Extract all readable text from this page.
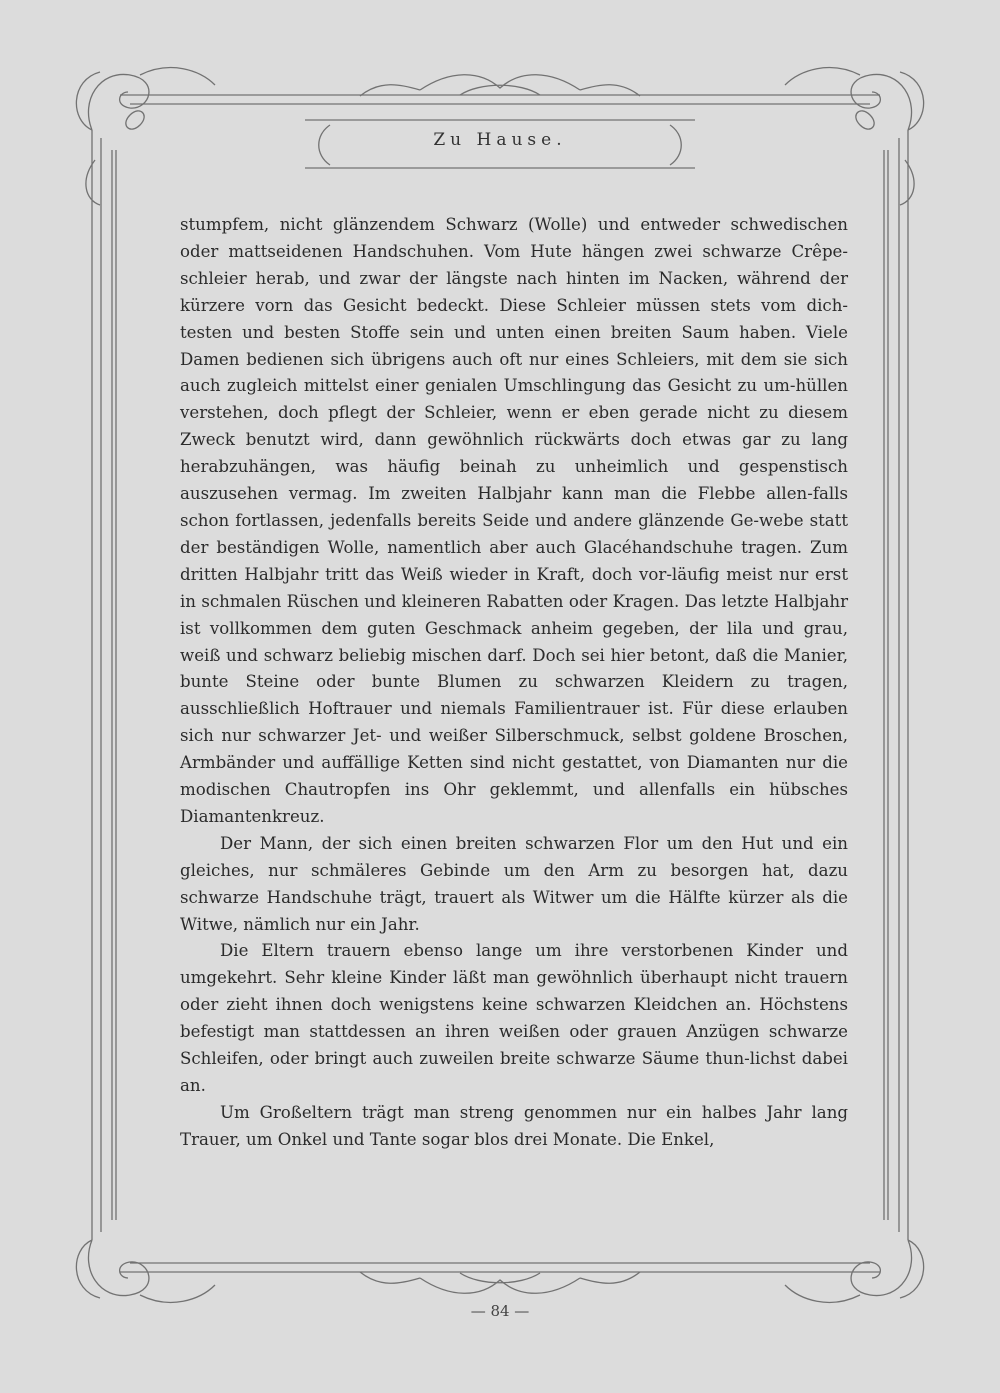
Zu Hause.

stumpfem, nicht glänzendem Schwarz (Wolle) und entweder schwedischen oder mattseidenen Handschuhen. Vom Hute hängen zwei schwarze Crêpe-schleier herab, und zwar der längste nach hinten im Nacken, während der kürzere vorn das Gesicht bedeckt. Diese Schleier müssen stets vom dich-testen und besten Stoffe sein und unten einen breiten Saum haben. Viele Damen bedienen sich übrigens auch oft nur eines Schleiers, mit dem sie sich auch zugleich mittelst einer genialen Umschlingung das Gesicht zu um-hüllen verstehen, doch pflegt der Schleier, wenn er eben gerade nicht zu diesem Zweck benutzt wird, dann gewöhnlich rückwärts doch etwas gar zu lang herabzuhängen, was häufig beinah zu unheimlich und gespenstisch auszusehen vermag. Im zweiten Halbjahr kann man die Flebbe allen-falls schon fortlassen, jedenfalls bereits Seide und andere glänzende Ge-webe statt der beständigen Wolle, namentlich aber auch Glacéhandschuhe tragen. Zum dritten Halbjahr tritt das Weiß wieder in Kraft, doch vor-läufig meist nur erst in schmalen Rüschen und kleineren Rabatten oder Kragen. Das letzte Halbjahr ist vollkommen dem guten Geschmack anheim gegeben, der lila und grau, weiß und schwarz beliebig mischen darf. Doch sei hier betont, daß die Manier, bunte Steine oder bunte Blumen zu schwarzen Kleidern zu tragen, ausschließlich Hoftrauer und niemals Familientrauer ist. Für diese erlauben sich nur schwarzer Jet- und weißer Silberschmuck, selbst goldene Broschen, Armbänder und auffällige Ketten sind nicht gestattet, von Diamanten nur die modischen Chautropfen ins Ohr geklemmt, und allenfalls ein hübsches Diamantenkreuz.

Der Mann, der sich einen breiten schwarzen Flor um den Hut und ein gleiches, nur schmäleres Gebinde um den Arm zu besorgen hat, dazu schwarze Handschuhe trägt, trauert als Witwer um die Hälfte kürzer als die Witwe, nämlich nur ein Jahr.

Die Eltern trauern ebenso lange um ihre verstorbenen Kinder und umgekehrt. Sehr kleine Kinder läßt man gewöhnlich überhaupt nicht trauern oder zieht ihnen doch wenigstens keine schwarzen Kleidchen an. Höchstens befestigt man stattdessen an ihren weißen oder grauen Anzügen schwarze Schleifen, oder bringt auch zuweilen breite schwarze Säume thun-lichst dabei an.

Um Großeltern trägt man streng genommen nur ein halbes Jahr lang Trauer, um Onkel und Tante sogar blos drei Monate. Die Enkel,

— 84 —
